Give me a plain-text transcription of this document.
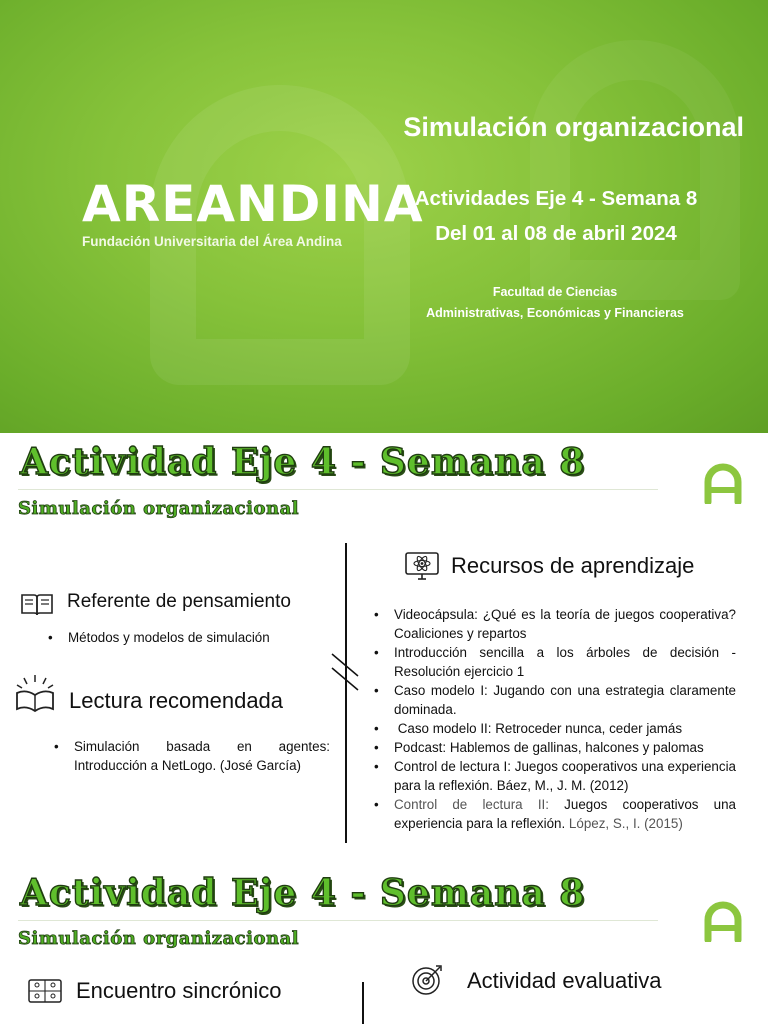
AREANDINA
Fundación Universitaria del Área Andina
Simulación organizacional
Actividades Eje 4 - Semana 8
Del 01 al 08 de abril 2024
Facultad de Ciencias
Administrativas, Económicas y Financieras
Actividad Eje 4 - Semana 8
Simulación organizacional
Referente de pensamiento
• Métodos y modelos de simulación
Lectura recomendada
• Simulación basada en agentes: Introducción a NetLogo. (José García)
Recursos de aprendizaje
• Videocápsula: ¿Qué es la teoría de juegos cooperativa? Coaliciones y repartos
• Introducción sencilla a los árboles de decisión - Resolución ejercicio 1
• Caso modelo I: Jugando con una estrategia claramente dominada.
•  Caso modelo II: Retroceder nunca, ceder jamás
• Podcast: Hablemos de gallinas, halcones y palomas
• Control de lectura I: Juegos cooperativos una experiencia para la reflexión. Báez, M., J. M. (2012)
• Control de lectura II: Juegos cooperativos una experiencia para la reflexión. López, S., I. (2015)
Actividad Eje 4 - Semana 8
Simulación organizacional
Encuentro sincrónico	Actividad evaluativa
